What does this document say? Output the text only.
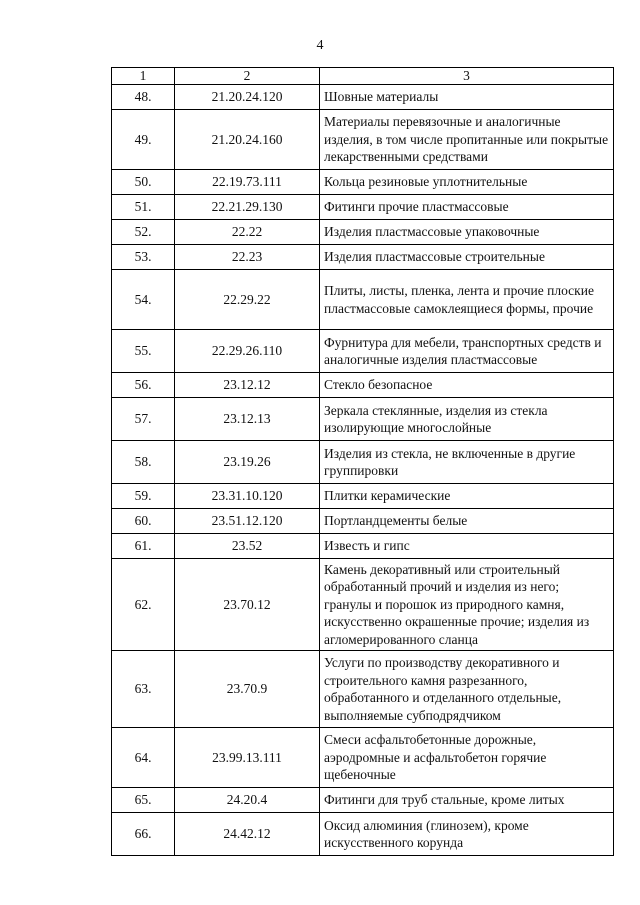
4
1	2	3
48.	21.20.24.120	Шовные материалы
49.	21.20.24.160	Материалы перевязочные и аналогичные изделия, в том числе пропитанные или покрытые лекарственными средствами
50.	22.19.73.111	Кольца резиновые уплотнительные
51.	22.21.29.130	Фитинги прочие пластмассовые
52.	22.22	Изделия пластмассовые упаковочные
53.	22.23	Изделия пластмассовые строительные
54.	22.29.22	Плиты, листы, пленка, лента и прочие плоские пластмассовые самоклеящиеся формы, прочие
55.	22.29.26.110	Фурнитура для мебели, транспортных средств и аналогичные изделия пластмассовые
56.	23.12.12	Стекло безопасное
57.	23.12.13	Зеркала стеклянные, изделия из стекла изолирующие многослойные
58.	23.19.26	Изделия из стекла, не включенные в другие группировки
59.	23.31.10.120	Плитки керамические
60.	23.51.12.120	Портландцементы белые
61.	23.52	Известь и гипс
62.	23.70.12	Камень декоративный или строительный обработанный прочий и изделия из него; гранулы и порошок из природного камня, искусственно окрашенные прочие; изделия из агломерированного сланца
63.	23.70.9	Услуги по производству декоративного и строительного камня разрезанного, обработанного и отделанного отдельные, выполняемые субподрядчиком
64.	23.99.13.111	Смеси асфальтобетонные дорожные, аэродромные и асфальтобетон горячие щебеночные
65.	24.20.4	Фитинги для труб стальные, кроме литых
66.	24.42.12	Оксид алюминия (глинозем), кроме искусственного корунда
